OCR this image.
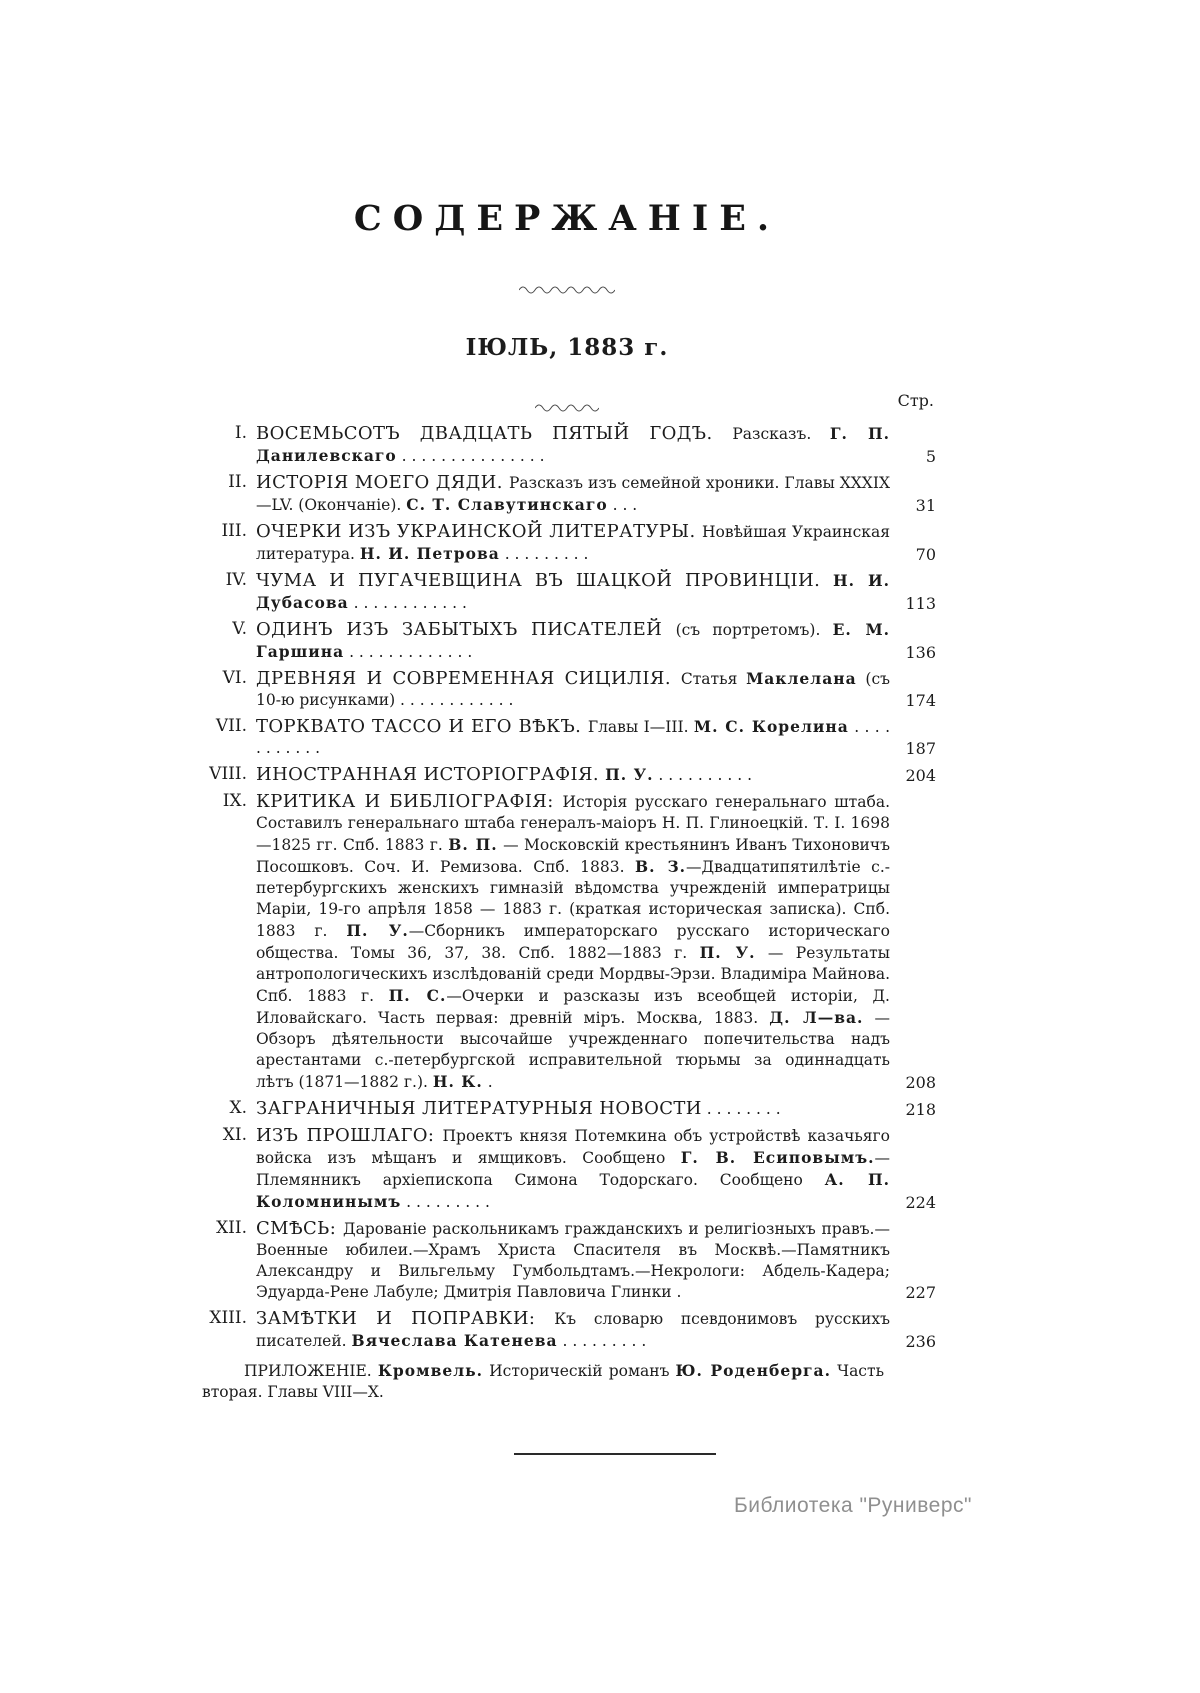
СОДЕРЖАНІЕ.
ІЮЛЬ, 1883 г.
Стр.
I. ВОСЕМЬСОТЪ ДВАДЦАТЬ ПЯТЫЙ ГОДЪ. Разсказъ. Г. П. Данилевскаго . . . . . . . . . . . . . . .	5
II. ИСТОРІЯ МОЕГО ДЯДИ. Разсказъ изъ семейной хроники. Главы XXXIX—LV. (Окончаніе). С. Т. Славутинскаго . . .	31
III. ОЧЕРКИ ИЗЪ УКРАИНСКОЙ ЛИТЕРАТУРЫ. Новѣйшая Украинская литература. Н. И. Петрова . . . . . . . . .	70
IV. ЧУМА И ПУГАЧЕВЩИНА ВЪ ШАЦКОЙ ПРОВИНЦІИ. Н. И. Дубасова . . . . . . . . . . . .	113
V. ОДИНЪ ИЗЪ ЗАБЫТЫХЪ ПИСАТЕЛЕЙ (съ портретомъ). Е. М. Гаршина . . . . . . . . . . . . .	136
VI. ДРЕВНЯЯ И СОВРЕМЕННАЯ СИЦИЛІЯ. Статья Маклелана (съ 10-ю рисунками) . . . . . . . . . . . .	174
VII. ТОРКВАТО ТАССО И ЕГО ВѢКЪ. Главы I—III. М. С. Корелина . . . . . . . . . . .	187
VIII. ИНОСТРАННАЯ ИСТОРІОГРАФІЯ. П. У. . . . . . . . . . .	204
IX. КРИТИКА И БИБЛІОГРАФІЯ: Исторія русскаго генеральнаго штаба. Составилъ генеральнаго штаба генералъ-маіоръ Н. П. Глиноецкій. Т. I. 1698—1825 гг. Спб. 1883 г. В. П. — Московскій крестьянинъ Иванъ Тихоновичъ Посошковъ. Соч. И. Ремизова. Спб. 1883. В. З.—Двадцатипятилѣтіе с.-петербургскихъ женскихъ гимназій вѣдомства учрежденій императрицы Маріи, 19-го апрѣля 1858 — 1883 г. (краткая историческая записка). Спб. 1883 г. П. У.—Сборникъ императорскаго русскаго историческаго общества. Томы 36, 37, 38. Спб. 1882—1883 г. П. У. — Результаты антропологическихъ изслѣдованій среди Мордвы-Эрзи. Владиміра Майнова. Спб. 1883 г. П. С.—Очерки и разсказы изъ всеобщей исторіи, Д. Иловайскаго. Часть первая: древній міръ. Москва, 1883. Д. Л—ва. — Обзоръ дѣятельности высочайше учрежденнаго попечительства надъ арестантами с.-петербургской исправительной тюрьмы за одиннадцать лѣтъ (1871—1882 г.). Н. К. .	208
X. ЗАГРАНИЧНЫЯ ЛИТЕРАТУРНЫЯ НОВОСТИ . . . . . . . .	218
XI. ИЗЪ ПРОШЛАГО: Проектъ князя Потемкина объ устройствѣ казачьяго войска изъ мѣщанъ и ямщиковъ. Сообщено Г. В. Есиповымъ.—Племянникъ архіепископа Симона Тодорскаго. Сообщено А. П. Коломнинымъ . . . . . . . . .	224
XII. СМѢСЬ: Дарованіе раскольникамъ гражданскихъ и религіозныхъ правъ.—Военные юбилеи.—Храмъ Христа Спасителя въ Москвѣ.—Памятникъ Александру и Вильгельму Гумбольдтамъ.—Некрологи: Абдель-Кадера; Эдуарда-Рене Лабуле; Дмитрія Павловича Глинки .	227
XIII. ЗАМѢТКИ И ПОПРАВКИ: Къ словарю псевдонимовъ русскихъ писателей. Вячеслава Катенева . . . . . . . . .	236
ПРИЛОЖЕНІЕ. Кромвель. Историческій романъ Ю. Роденберга. Часть вторая. Главы VIII—X.
Библиотека "Руниверс"
